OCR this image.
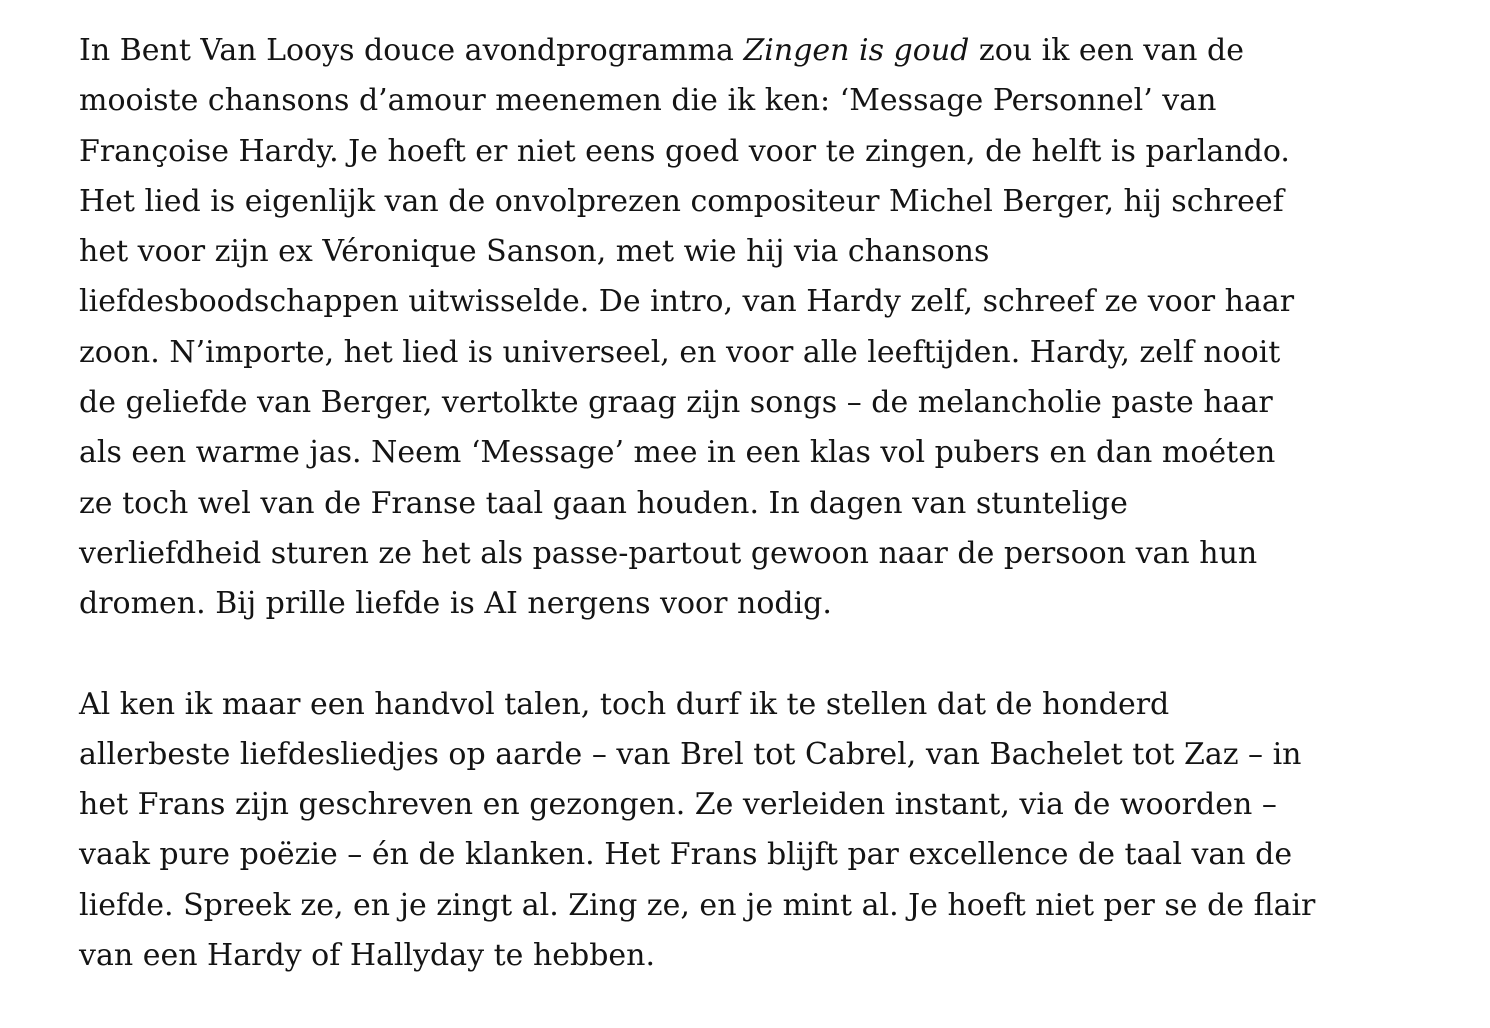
In Bent Van Looys douce avondprogramma Zingen is goud zou ik een van de
mooiste chansons d’amour meenemen die ik ken: ‘Message Personnel’ van
Françoise Hardy. Je hoeft er niet eens goed voor te zingen, de helft is parlando.
Het lied is eigenlijk van de onvolprezen compositeur Michel Berger, hij schreef
het voor zijn ex Véronique Sanson, met wie hij via chansons
liefdesboodschappen uitwisselde. De intro, van Hardy zelf, schreef ze voor haar
zoon. N’importe, het lied is universeel, en voor alle leeftijden. Hardy, zelf nooit
de geliefde van Berger, vertolkte graag zijn songs – de melancholie paste haar
als een warme jas. Neem ‘Message’ mee in een klas vol pubers en dan moéten
ze toch wel van de Franse taal gaan houden. In dagen van stuntelige
verliefdheid sturen ze het als passe-partout gewoon naar de persoon van hun
dromen. Bij prille liefde is AI nergens voor nodig.

Al ken ik maar een handvol talen, toch durf ik te stellen dat de honderd
allerbeste liefdesliedjes op aarde – van Brel tot Cabrel, van Bachelet tot Zaz – in
het Frans zijn geschreven en gezongen. Ze verleiden instant, via de woorden –
vaak pure poëzie – én de klanken. Het Frans blijft par excellence de taal van de
liefde. Spreek ze, en je zingt al. Zing ze, en je mint al. Je hoeft niet per se de flair
van een Hardy of Hallyday te hebben.
